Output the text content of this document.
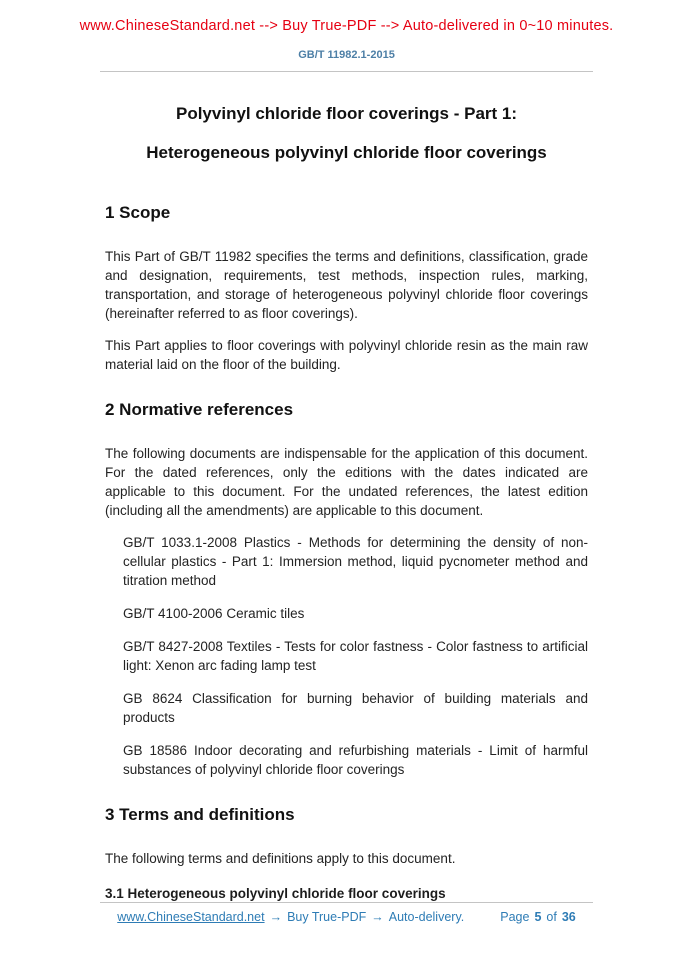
www.ChineseStandard.net --> Buy True-PDF --> Auto-delivered in 0~10 minutes.
GB/T 11982.1-2015
Polyvinyl chloride floor coverings - Part 1:
Heterogeneous polyvinyl chloride floor coverings
1 Scope

This Part of GB/T 11982 specifies the terms and definitions, classification, grade and designation, requirements, test methods, inspection rules, marking, transportation, and storage of heterogeneous polyvinyl chloride floor coverings (hereinafter referred to as floor coverings).

This Part applies to floor coverings with polyvinyl chloride resin as the main raw material laid on the floor of the building.

2 Normative references

The following documents are indispensable for the application of this document. For the dated references, only the editions with the dates indicated are applicable to this document. For the undated references, the latest edition (including all the amendments) are applicable to this document.

GB/T 1033.1-2008 Plastics - Methods for determining the density of non-cellular plastics - Part 1: Immersion method, liquid pycnometer method and titration method

GB/T 4100-2006 Ceramic tiles

GB/T 8427-2008 Textiles - Tests for color fastness - Color fastness to artificial light: Xenon arc fading lamp test

GB 8624 Classification for burning behavior of building materials and products

GB 18586 Indoor decorating and refurbishing materials - Limit of harmful substances of polyvinyl chloride floor coverings

3 Terms and definitions

The following terms and definitions apply to this document.

3.1 Heterogeneous polyvinyl chloride floor coverings

www.ChineseStandard.net → Buy True-PDF → Auto-delivery.	Page 5 of 36
